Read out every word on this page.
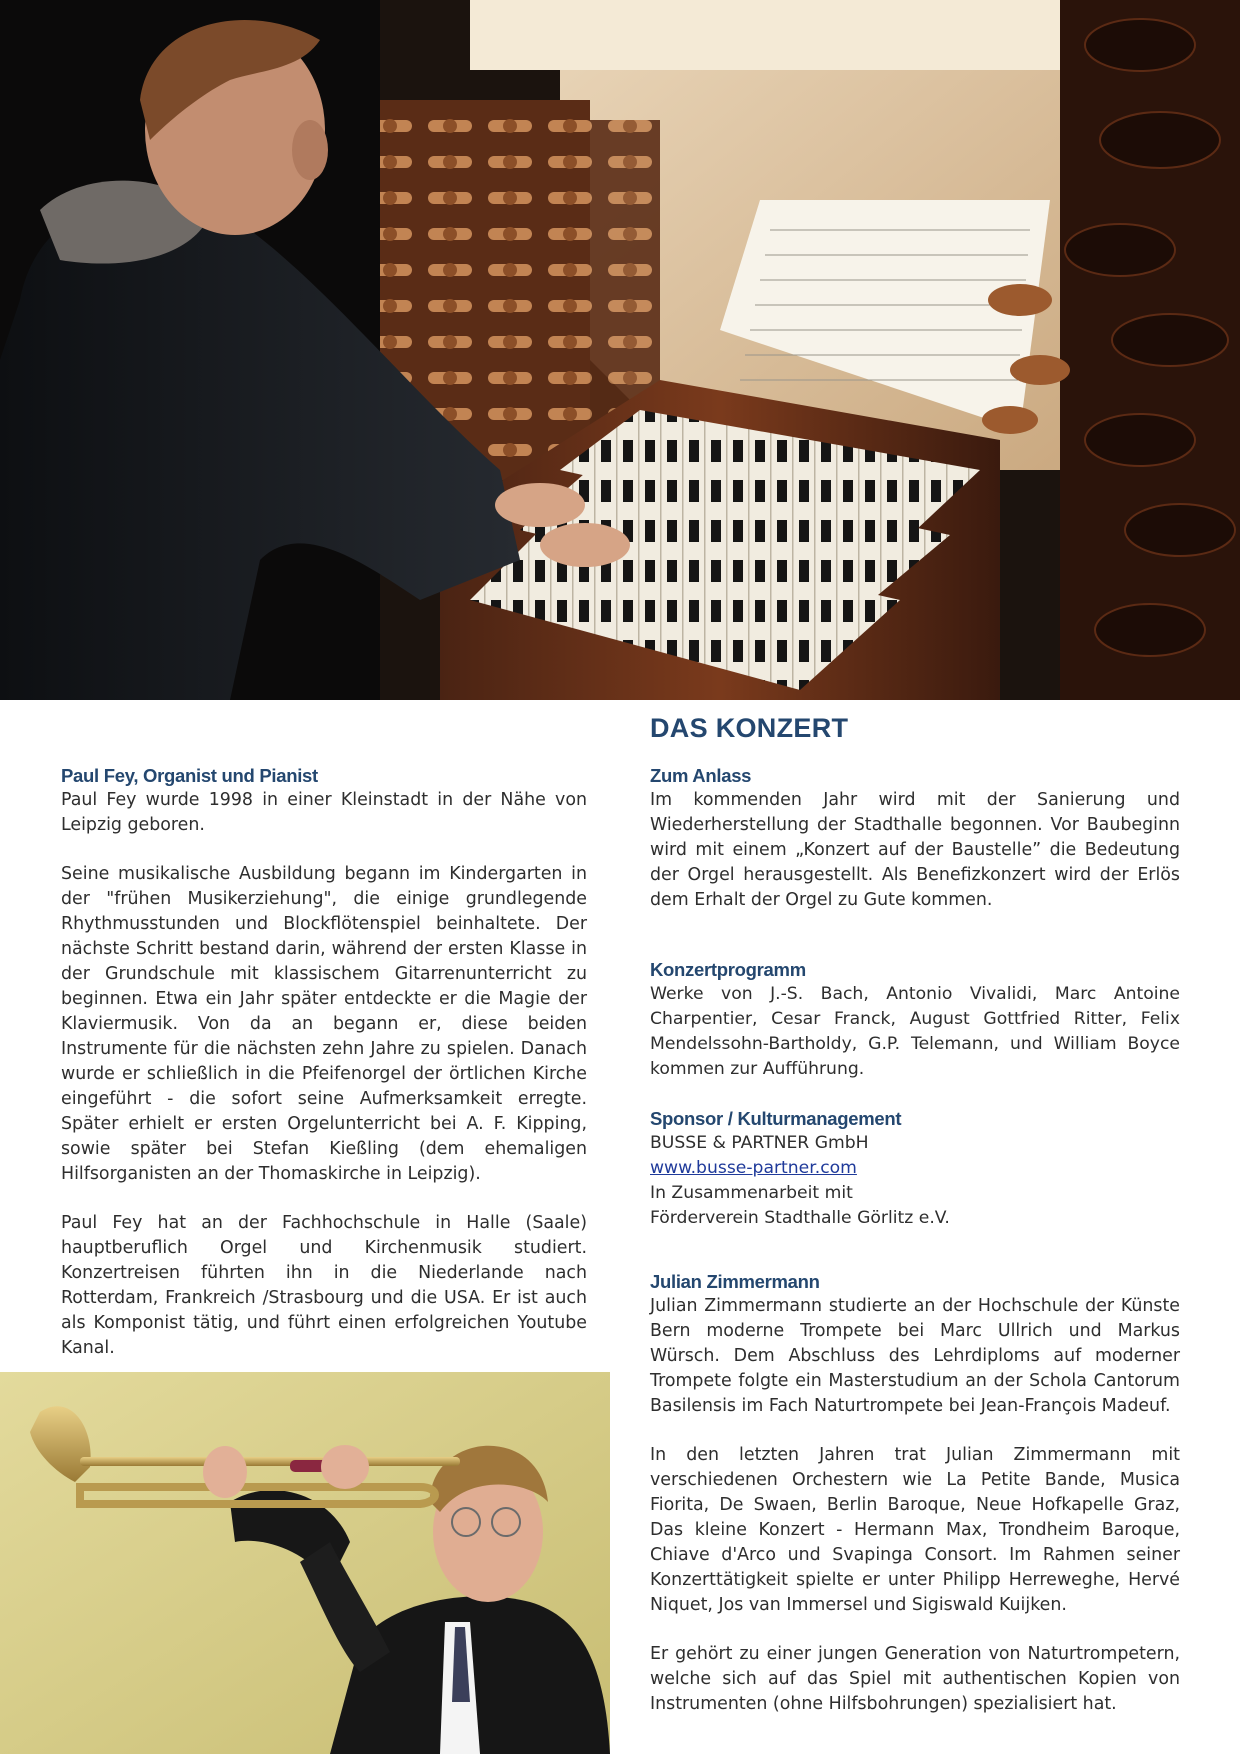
Paul Fey, Organist und Pianist

Paul Fey wurde 1998 in einer Kleinstadt in der Nähe von Leipzig geboren.

Seine musikalische Ausbildung begann im Kindergarten in der "frühen Musikerziehung", die einige grundlegende Rhythmusstunden und Blockflötenspiel beinhaltete. Der nächste Schritt bestand darin, während der ersten Klasse in der Grundschule mit klassischem Gitarrenunterricht zu beginnen. Etwa ein Jahr später entdeckte er die Magie der Klaviermusik. Von da an begann er, diese beiden Instrumente für die nächsten zehn Jahre zu spielen. Danach wurde er schließlich in die Pfeifenorgel der örtlichen Kirche eingeführt - die sofort seine Aufmerksamkeit erregte. Später erhielt er ersten Orgelunterricht bei A. F. Kipping, sowie später bei Stefan Kießling (dem ehemaligen Hilfsorganisten an der Thomaskirche in Leipzig).

Paul Fey hat an der Fachhochschule in Halle (Saale) hauptberuflich Orgel und Kirchenmusik studiert. Konzertreisen führten ihn in die Niederlande nach Rotterdam, Frankreich /Strasbourg und die USA. Er ist auch als Komponist tätig, und führt einen erfolgreichen Youtube Kanal.

DAS KONZERT
Zum Anlass

Im kommenden Jahr wird mit der Sanierung und Wiederherstellung der Stadthalle begonnen. Vor Baubeginn wird mit einem „Konzert auf der Baustelle” die Bedeutung der Orgel herausgestellt. Als Benefizkonzert wird der Erlös dem Erhalt der Orgel zu Gute kommen.

Konzertprogramm

Werke von J.-S. Bach, Antonio Vivalidi, Marc Antoine Charpentier, Cesar Franck, August Gottfried Ritter, Felix Mendelssohn-Bartholdy, G.P. Telemann, und William Boyce kommen zur Aufführung.

Sponsor / Kulturmanagement
BUSSE & PARTNER GmbH
www.busse-partner.com
In Zusammenarbeit mit
Förderverein Stadthalle Görlitz e.V.
Julian Zimmermann

Julian Zimmermann studierte an der Hochschule der Künste Bern moderne Trompete bei Marc Ullrich und Markus Würsch. Dem Abschluss des Lehrdiploms auf moderner Trompete folgte ein Masterstudium an der Schola Cantorum Basilensis im Fach Naturtrompete bei Jean-François Madeuf.

In den letzten Jahren trat Julian Zimmermann mit verschiedenen Orchestern wie La Petite Bande, Musica Fiorita, De Swaen, Berlin Baroque, Neue Hofkapelle Graz, Das kleine Konzert - Hermann Max, Trondheim Baroque, Chiave d'Arco und Svapinga Consort. Im Rahmen seiner Konzerttätigkeit spielte er unter Philipp Herreweghe, Hervé Niquet, Jos van Immersel und Sigiswald Kuijken.

Er gehört zu einer jungen Generation von Naturtrompetern, welche sich auf das Spiel mit authentischen Kopien von Instrumenten (ohne Hilfsbohrungen) spezialisiert hat.
